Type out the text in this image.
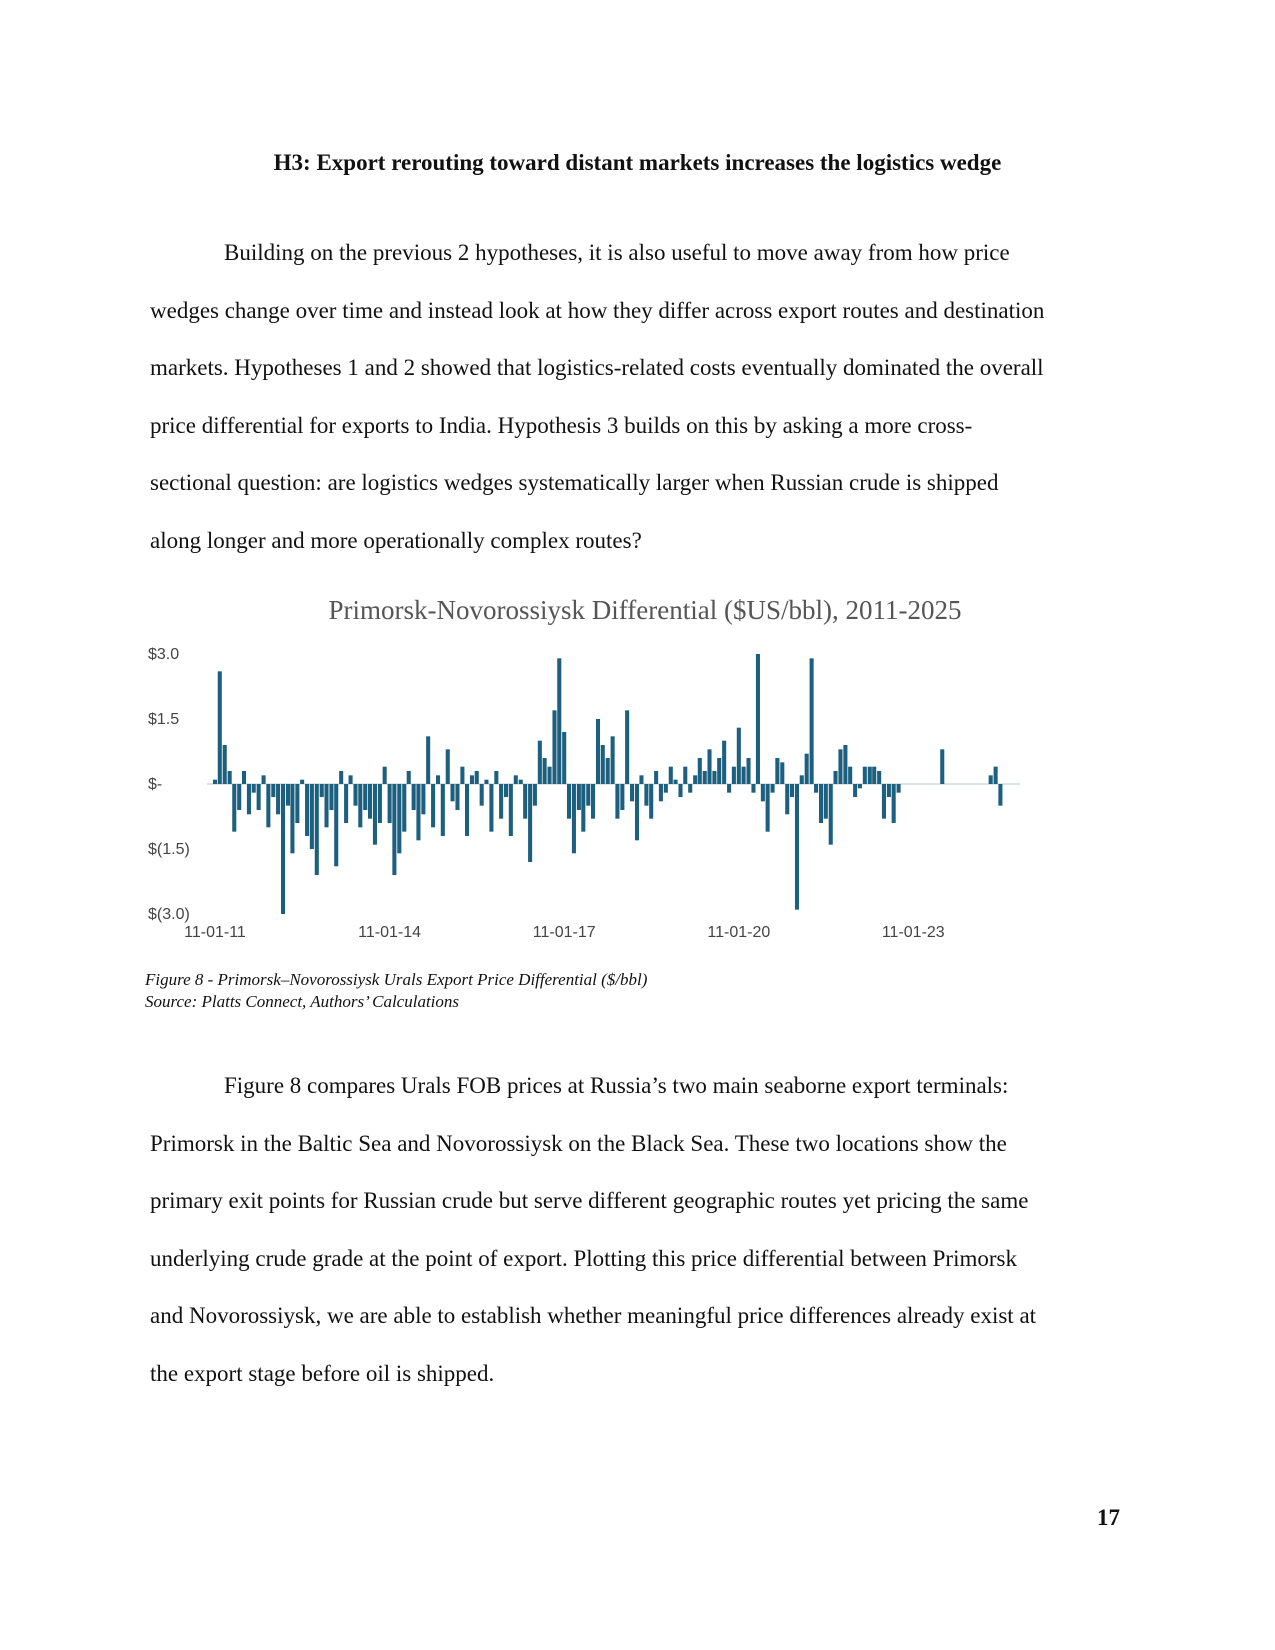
H3: Export rerouting toward distant markets increases the logistics wedge

Building on the previous 2 hypotheses, it is also useful to move away from how price
wedges change over time and instead look at how they differ across export routes and destination
markets. Hypotheses 1 and 2 showed that logistics-related costs eventually dominated the overall
price differential for exports to India. Hypothesis 3 builds on this by asking a more cross-
sectional question: are logistics wedges systematically larger when Russian crude is shipped
along longer and more operationally complex routes?

Primorsk-Novorossiysk Differential ($US/bbl), 2011-2025
$3.0
$1.5
$-
$(1.5)
$(3.0)
11-01-11	11-01-14	11-01-17	11-01-20	11-01-23
Figure 8 - Primorsk–Novorossiysk Urals Export Price Differential ($/bbl)
Source: Platts Connect, Authors’ Calculations

Figure 8 compares Urals FOB prices at Russia’s two main seaborne export terminals:
Primorsk in the Baltic Sea and Novorossiysk on the Black Sea. These two locations show the
primary exit points for Russian crude but serve different geographic routes yet pricing the same
underlying crude grade at the point of export. Plotting this price differential between Primorsk
and Novorossiysk, we are able to establish whether meaningful price differences already exist at
the export stage before oil is shipped.

17
